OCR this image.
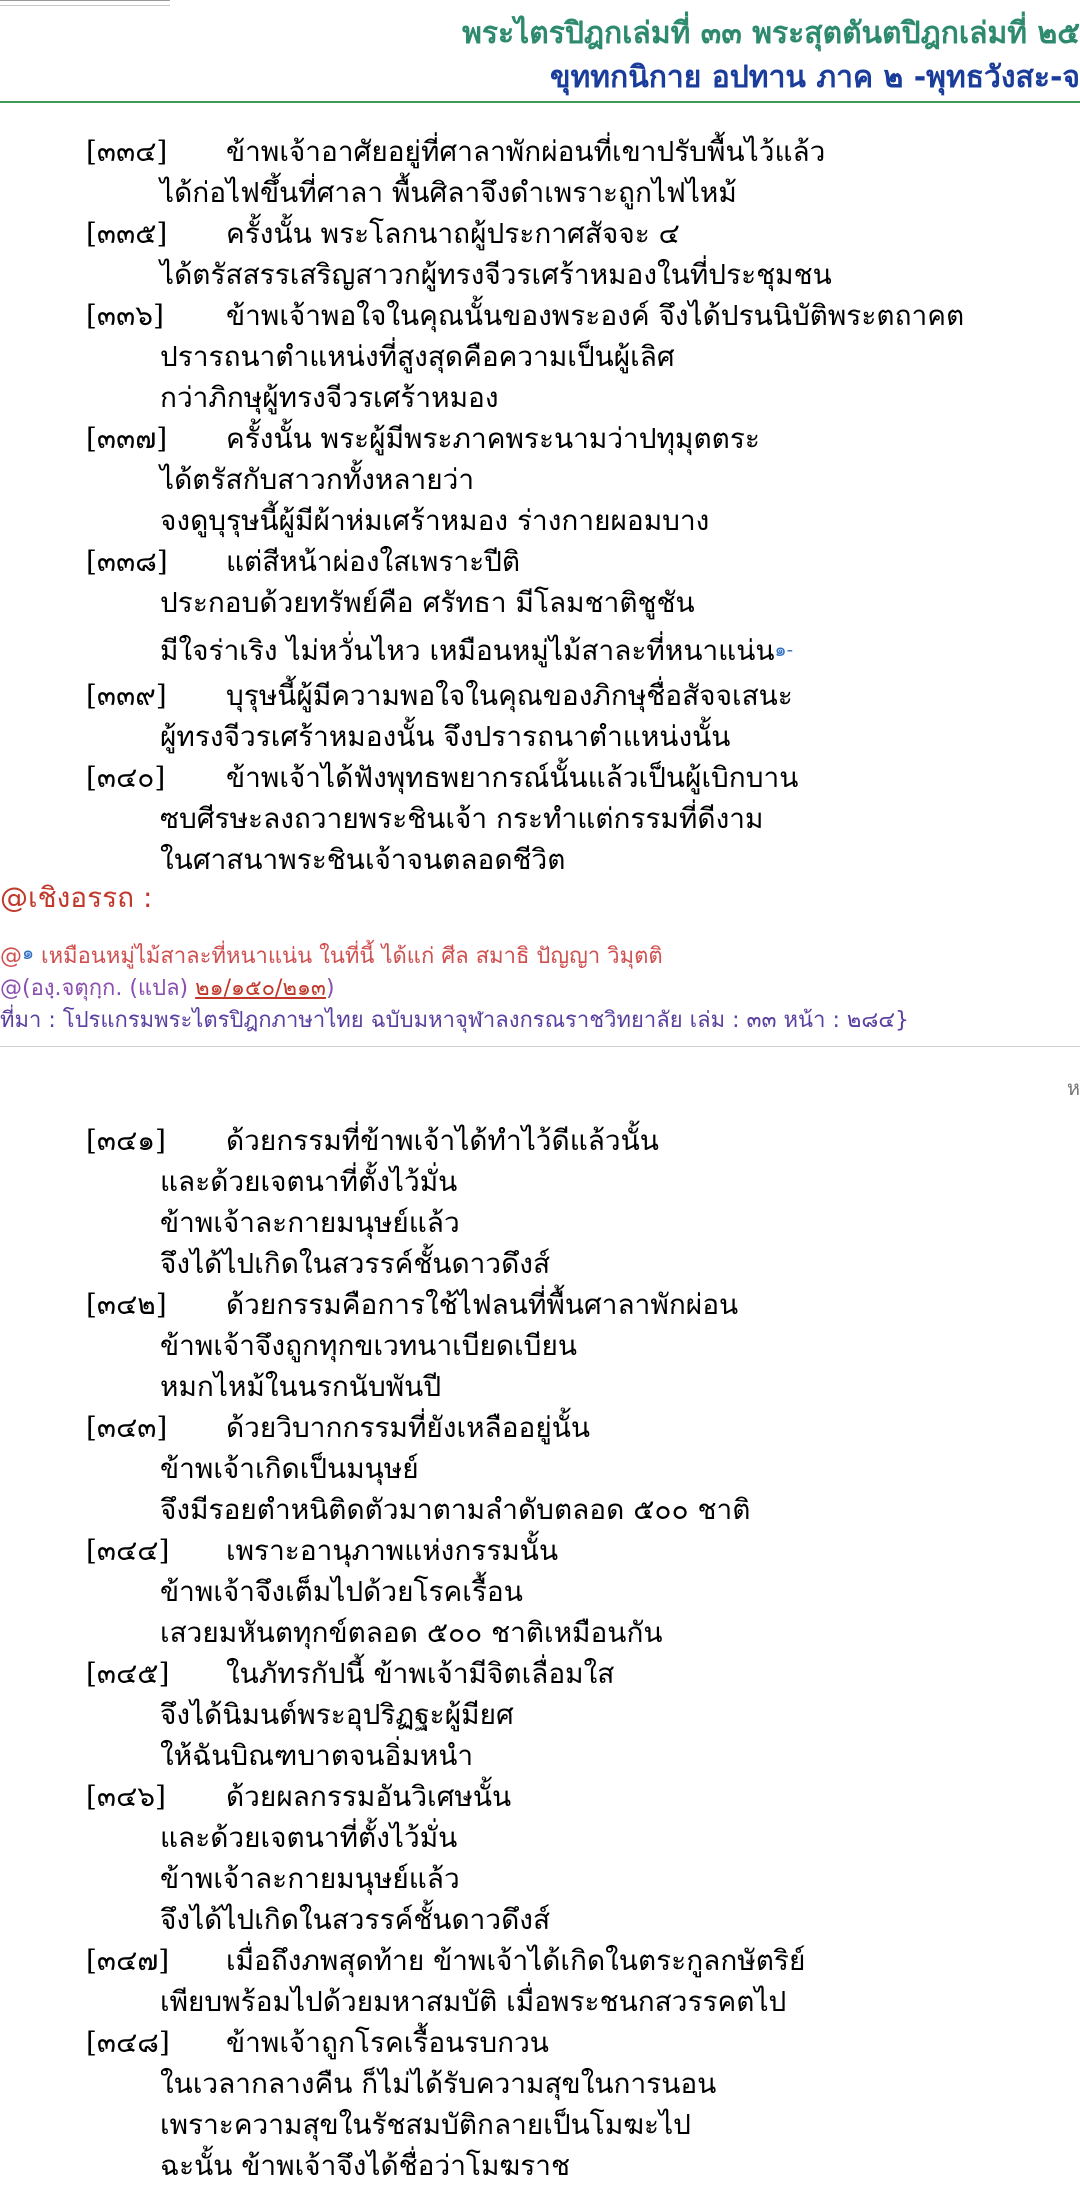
พระไตรปิฎกเล่มที่ ๓๓ พระสุตตันตปิฎกเล่มที่ ๒๕
ขุททกนิกาย อปทาน ภาค ๒ -พุทธวังสะ-จ
[๓๓๔] ข้าพเจ้าอาศัยอยู่ที่ศาลาพักผ่อนที่เขาปรับพื้นไว้แล้ว
ได้ก่อไฟขึ้นที่ศาลา พื้นศิลาจึงดำเพราะถูกไฟไหม้
[๓๓๕] ครั้งนั้น พระโลกนาถผู้ประกาศสัจจะ ๔
ได้ตรัสสรรเสริญสาวกผู้ทรงจีวรเศร้าหมองในที่ประชุมชน
[๓๓๖] ข้าพเจ้าพอใจในคุณนั้นของพระองค์ จึงได้ปรนนิบัติพระตถาคต
ปรารถนาตำแหน่งที่สูงสุดคือความเป็นผู้เลิศ
กว่าภิกษุผู้ทรงจีวรเศร้าหมอง
[๓๓๗] ครั้งนั้น พระผู้มีพระภาคพระนามว่าปทุมุตตระ
ได้ตรัสกับสาวกทั้งหลายว่า
จงดูบุรุษนี้ผู้มีผ้าห่มเศร้าหมอง ร่างกายผอมบาง
[๓๓๘] แต่สีหน้าผ่องใสเพราะปีติ
ประกอบด้วยทรัพย์คือ ศรัทธา มีโลมชาติชูชัน
มีใจร่าเริง ไม่หวั่นไหว เหมือนหมู่ไม้สาละที่หนาแน่น$^{๑-}$
[๓๓๙] บุรุษนี้ผู้มีความพอใจในคุณของภิกษุชื่อสัจจเสนะ
ผู้ทรงจีวรเศร้าหมองนั้น จึงปรารถนาตำแหน่งนั้น
[๓๔๐] ข้าพเจ้าได้ฟังพุทธพยากรณ์นั้นแล้วเป็นผู้เบิกบาน
ซบศีรษะลงถวายพระชินเจ้า กระทำแต่กรรมที่ดีงาม
ในศาสนาพระชินเจ้าจนตลอดชีวิต
@เชิงอรรถ :
@$^๑$ เหมือนหมู่ไม้สาละที่หนาแน่น ในที่นี้ ได้แก่ ศีล สมาธิ ปัญญา วิมุตติ
@(องฺ.จตุกฺก. (แปล) ๒๑/๑๕๐/๒๑๓)
ที่มา : โปรแกรมพระไตรปิฎกภาษาไทย ฉบับมหาจุฬาลงกรณราชวิทยาลัย เล่ม : ๓๓ หน้า : ๒๘๔}
ห
[๓๔๑] ด้วยกรรมที่ข้าพเจ้าได้ทำไว้ดีแล้วนั้น
และด้วยเจตนาที่ตั้งไว้มั่น
ข้าพเจ้าละกายมนุษย์แล้ว
จึงได้ไปเกิดในสวรรค์ชั้นดาวดึงส์
[๓๔๒] ด้วยกรรมคือการใช้ไฟลนที่พื้นศาลาพักผ่อน
ข้าพเจ้าจึงถูกทุกขเวทนาเบียดเบียน
หมกไหม้ในนรกนับพันปี
[๓๔๓] ด้วยวิบากกรรมที่ยังเหลืออยู่นั้น
ข้าพเจ้าเกิดเป็นมนุษย์
จึงมีรอยตำหนิติดตัวมาตามลำดับตลอด ๕๐๐ ชาติ
[๓๔๔] เพราะอานุภาพแห่งกรรมนั้น
ข้าพเจ้าจึงเต็มไปด้วยโรคเรื้อน
เสวยมหันตทุกข์ตลอด ๕๐๐ ชาติเหมือนกัน
[๓๔๕] ในภัทรกัปนี้ ข้าพเจ้ามีจิตเลื่อมใส
จึงได้นิมนต์พระอุปริฏฐะผู้มียศ
ให้ฉันบิณฑบาตจนอิ่มหนำ
[๓๔๖] ด้วยผลกรรมอันวิเศษนั้น
และด้วยเจตนาที่ตั้งไว้มั่น
ข้าพเจ้าละกายมนุษย์แล้ว
จึงได้ไปเกิดในสวรรค์ชั้นดาวดึงส์
[๓๔๗] เมื่อถึงภพสุดท้าย ข้าพเจ้าได้เกิดในตระกูลกษัตริย์
เพียบพร้อมไปด้วยมหาสมบัติ เมื่อพระชนกสวรรคตไป
[๓๔๘] ข้าพเจ้าถูกโรคเรื้อนรบกวน
ในเวลากลางคืน ก็ไม่ได้รับความสุขในการนอน
เพราะความสุขในรัชสมบัติกลายเป็นโมฆะไป
ฉะนั้น ข้าพเจ้าจึงได้ชื่อว่าโมฆราช
